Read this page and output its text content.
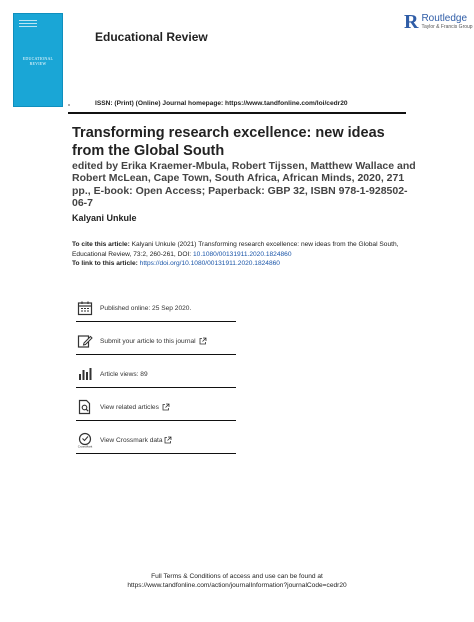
EDUCATIONAL REVIEW
R
Educational Review
R Routledge
Taylor & Francis Group
ISSN: (Print) (Online) Journal homepage: https://www.tandfonline.com/loi/cedr20
Transforming research excellence: new ideas from the Global South
edited by Erika Kraemer-Mbula, Robert Tijssen, Matthew Wallace and Robert McLean, Cape Town, South Africa, African Minds, 2020, 271 pp., E-book: Open Access; Paperback: GBP 32, ISBN 978-1-928502-06-7
Kalyani Unkule
To cite this article: Kalyani Unkule (2021) Transforming research excellence: new ideas from the Global South, Educational Review, 73:2, 260-261, DOI: 10.1080/00131911.2020.1824860
To link to this article: https://doi.org/10.1080/00131911.2020.1824860
Published online: 25 Sep 2020.
Submit your article to this journal
Article views: 89
View related articles
CrossMark
View Crossmark data
Full Terms & Conditions of access and use can be found at
https://www.tandfonline.com/action/journalInformation?journalCode=cedr20
